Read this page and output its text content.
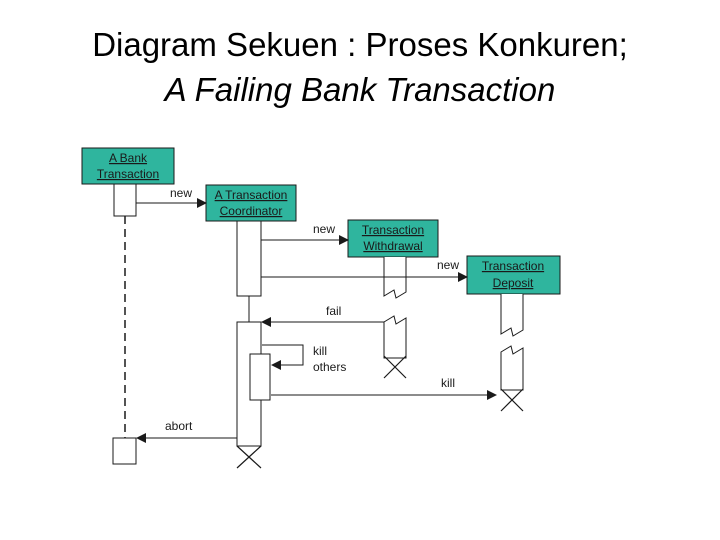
Diagram Sekuen : Proses Konkuren;
A Failing Bank Transaction
A Bank
Transaction
A Transaction
Coordinator
Transaction
Withdrawal
Transaction
Deposit
new
new
new
fail
kill
others
kill
abort
